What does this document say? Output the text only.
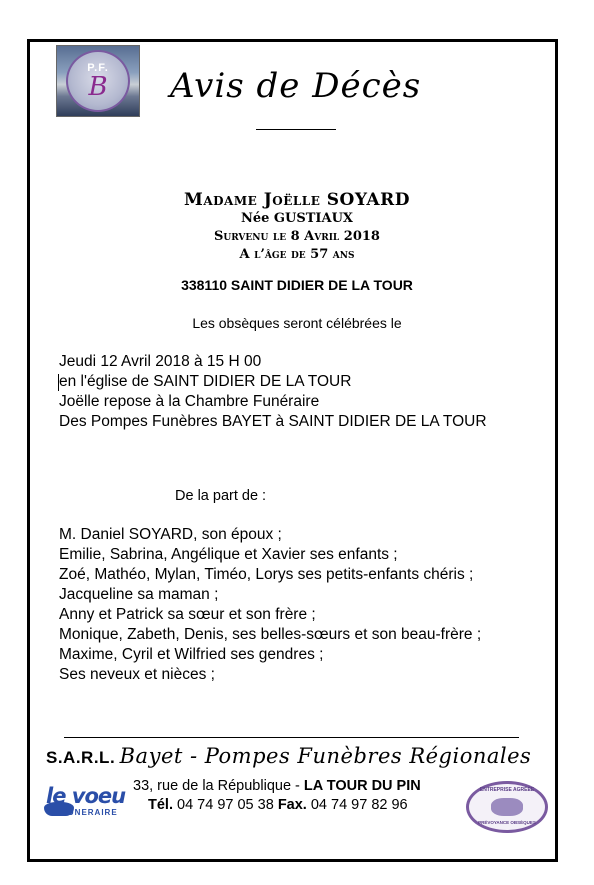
P.F.
B	Avis de Décès
Madame Joëlle SOYARD
Née GUSTIAUX
Survenu le 8 Avril 2018
A l’âge de 57 ans
338110 SAINT DIDIER DE LA TOUR
Les obsèques seront célébrées le
Jeudi 12 Avril 2018 à 15 H 00
en l'église de SAINT DIDIER DE LA TOUR
Joëlle repose à la Chambre Funéraire
Des Pompes Funèbres BAYET à SAINT DIDIER DE LA TOUR
De la part de :
M. Daniel SOYARD, son époux ;
Emilie, Sabrina, Angélique et Xavier ses enfants ;
Zoé, Mathéo, Mylan, Timéo, Lorys ses petits-enfants chéris ;
Jacqueline sa maman ;
Anny et Patrick sa sœur et son frère ;
Monique, Zabeth, Denis, ses belles-sœurs et son beau-frère ;
Maxime, Cyril et Wilfried ses gendres ;
Ses neveux et nièces ;
S.A.R.L. Bayet - Pompes Funèbres Régionales
33, rue de la République - LA TOUR DU PIN
Tél. 04 74 97 05 38 Fax. 04 74 97 82 96
le voeu
FUNERAIRE
ENTREPRISE AGRÉÉE
PRÉVOYANCE OBSÈQUES
